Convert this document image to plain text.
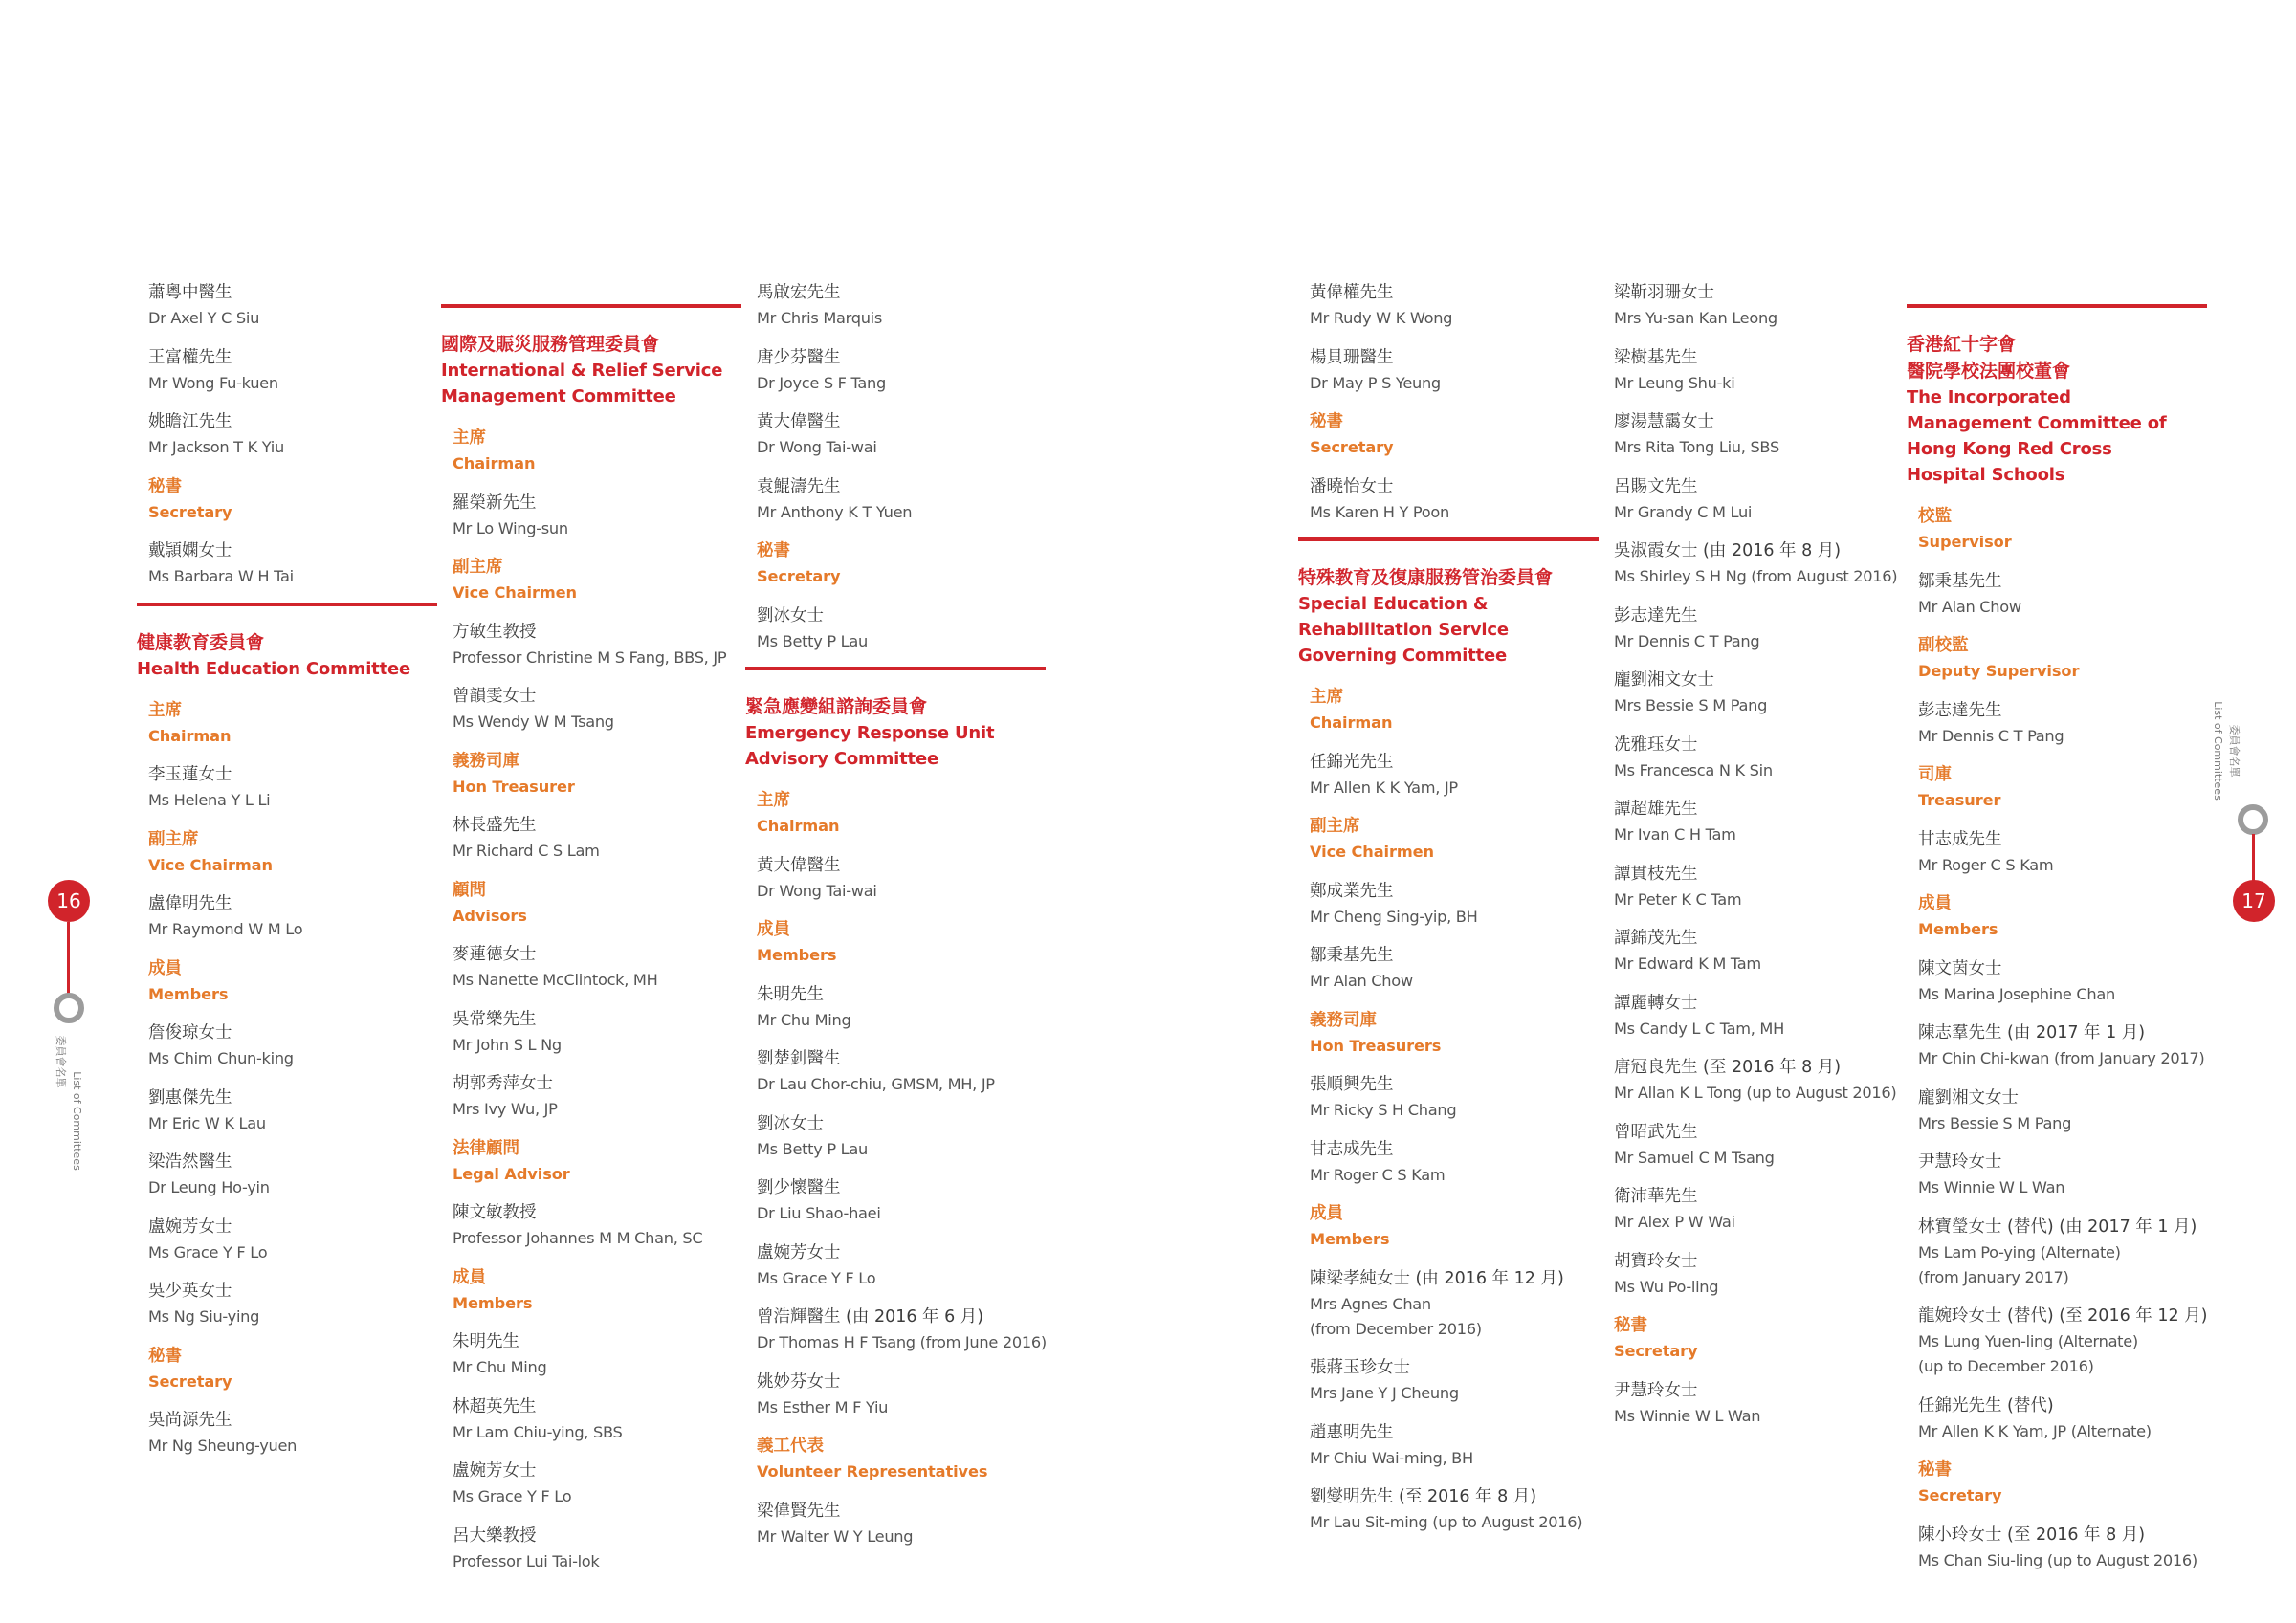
蕭粵中醫生
Dr Axel Y C Siu
王富權先生
Mr Wong Fu-kuen
姚瞻江先生
Mr Jackson T K Yiu
秘書
Secretary
戴頴嫻女士
Ms Barbara W H Tai
健康教育委員會
Health Education Committee
主席
Chairman
李玉蓮女士
Ms Helena Y L Li
副主席
Vice Chairman
盧偉明先生
Mr Raymond W M Lo
成員
Members
詹俊琼女士
Ms Chim Chun-king
劉惠傑先生
Mr Eric W K Lau
梁浩然醫生
Dr Leung Ho-yin
盧婉芳女士
Ms Grace Y F Lo
吳少英女士
Ms Ng Siu-ying
秘書
Secretary
吳尚源先生
Mr Ng Sheung-yuen
國際及賑災服務管理委員會
International & Relief Service Management Committee
主席
Chairman
羅榮新先生
Mr Lo Wing-sun
副主席
Vice Chairmen
方敏生教授
Professor Christine M S Fang, BBS, JP
曾韻雯女士
Ms Wendy W M Tsang
義務司庫
Hon Treasurer
林長盛先生
Mr Richard C S Lam
顧問
Advisors
麥蓮德女士
Ms Nanette McClintock, MH
吳常樂先生
Mr John S L Ng
胡郭秀萍女士
Mrs Ivy Wu, JP
法律顧問
Legal Advisor
陳文敏教授
Professor Johannes M M Chan, SC
成員
Members
朱明先生
Mr Chu Ming
林超英先生
Mr Lam Chiu-ying, SBS
盧婉芳女士
Ms Grace Y F Lo
呂大樂教授
Professor Lui Tai-lok
馬啟宏先生
Mr Chris Marquis
唐少芬醫生
Dr Joyce S F Tang
黃大偉醫生
Dr Wong Tai-wai
袁鯤濤先生
Mr Anthony K T Yuen
秘書
Secretary
劉冰女士
Ms Betty P Lau
緊急應變組諮詢委員會
Emergency Response Unit Advisory Committee
主席
Chairman
黃大偉醫生
Dr Wong Tai-wai
成員
Members
朱明先生
Mr Chu Ming
劉楚釗醫生
Dr Lau Chor-chiu, GMSM, MH, JP
劉冰女士
Ms Betty P Lau
劉少懷醫生
Dr Liu Shao-haei
盧婉芳女士
Ms Grace Y F Lo
曾浩輝醫生 (由 2016 年 6 月)
Dr Thomas H F Tsang (from June 2016)
姚妙芬女士
Ms Esther M F Yiu
義工代表
Volunteer Representatives
梁偉賢先生
Mr Walter W Y Leung
黃偉權先生
Mr Rudy W K Wong
楊貝珊醫生
Dr May P S Yeung
秘書
Secretary
潘曉怡女士
Ms Karen H Y Poon
特殊教育及復康服務管治委員會
Special Education & Rehabilitation Service Governing Committee
主席
Chairman
任錦光先生
Mr Allen K K Yam, JP
副主席
Vice Chairmen
鄭成業先生
Mr Cheng Sing-yip, BH
鄒秉基先生
Mr Alan Chow
義務司庫
Hon Treasurers
張順興先生
Mr Ricky S H Chang
甘志成先生
Mr Roger C S Kam
成員
Members
陳梁孝純女士 (由 2016 年 12 月)
Mrs Agnes Chan
(from December 2016)
張蔣玉珍女士
Mrs Jane Y J Cheung
趙惠明先生
Mr Chiu Wai-ming, BH
劉燮明先生 (至 2016 年 8 月)
Mr Lau Sit-ming (up to August 2016)
梁靳羽珊女士
Mrs Yu-san Kan Leong
梁樹基先生
Mr Leung Shu-ki
廖湯慧靄女士
Mrs Rita Tong Liu, SBS
呂賜文先生
Mr Grandy C M Lui
吳淑霞女士 (由 2016 年 8 月)
Ms Shirley S H Ng (from August 2016)
彭志達先生
Mr Dennis C T Pang
龐劉湘文女士
Mrs Bessie S M Pang
冼雅珏女士
Ms Francesca N K Sin
譚超雄先生
Mr Ivan C H Tam
譚貫枝先生
Mr Peter K C Tam
譚錦茂先生
Mr Edward K M Tam
譚麗轉女士
Ms Candy L C Tam, MH
唐冠良先生 (至 2016 年 8 月)
Mr Allan K L Tong (up to August 2016)
曾昭武先生
Mr Samuel C M Tsang
衛沛華先生
Mr Alex P W Wai
胡寶玲女士
Ms Wu Po-ling
秘書
Secretary
尹慧玲女士
Ms Winnie W L Wan
香港紅十字會
醫院學校法團校董會
The Incorporated Management Committee of Hong Kong Red Cross Hospital Schools
校監
Supervisor
鄒秉基先生
Mr Alan Chow
副校監
Deputy Supervisor
彭志達先生
Mr Dennis C T Pang
司庫
Treasurer
甘志成先生
Mr Roger C S Kam
成員
Members
陳文茵女士
Ms Marina Josephine Chan
陳志羣先生 (由 2017 年 1 月)
Mr Chin Chi-kwan (from January 2017)
龐劉湘文女士
Mrs Bessie S M Pang
尹慧玲女士
Ms Winnie W L Wan
林寶瑩女士 (替代) (由 2017 年 1 月)
Ms Lam Po-ying (Alternate)
(from January 2017)
龍婉玲女士 (替代) (至 2016 年 12 月)
Ms Lung Yuen-ling (Alternate)
(up to December 2016)
任錦光先生 (替代)
Mr Allen K K Yam, JP (Alternate)
秘書
Secretary
陳小玲女士 (至 2016 年 8 月)
Ms Chan Siu-ling (up to August 2016)
16
List of Committees
委員會名單
List of Committees 委員會名單
17
